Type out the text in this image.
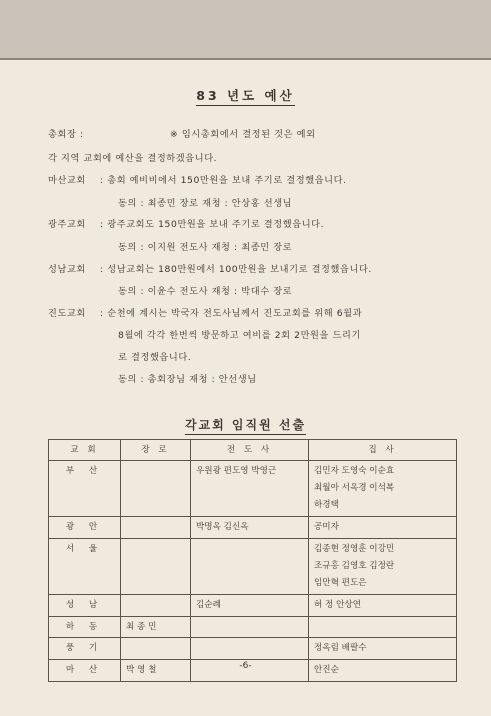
83 년도 예산
총회장 :	※ 임시총회에서 결정된 것은 예외
각 지역 교회에 예산을 결정하겠읍니다.
마산교회 : 총회 예비비에서 150만원을 보내 주기로 결정했읍니다.
동의 : 최종민 장로 재청 : 안상홍 선생님
광주교회 : 광주교회도 150만원을 보내 주기로 결정했읍니다.
동의 : 이지원 전도사 재청 : 최종민 장로
성남교회 : 성남교회는 180만원에서 100만원을 보내기로 결정했읍니다.
동의 : 이윤수 전도사 재청 : 박대수 장로
진도교회 : 순천에 계시는 박국자 전도사님께서 진도교회를 위해 6월과
8월에 각각 한번씩 방문하고 여비를 2회 2만원을 드리기
로 결정했읍니다.
동의 : 총회장님 재청 : 안선생님
각교회 임직원 선출
교 회	장 로	전 도 사	집 사
부 산		우원광 편도영 박영근	김민자 도영숙 이순효
최월아 서옥경 이석복
하경택

광 안		박명옥 김신옥	공미자

서 울			김종현 정영훈 이강민
조규홍 김영호 김정란
임만혁 편도은

성 남		김순례	허 정 안상연

하 동	최 종 민		
풍 기			정옥림 배팔수

마 산	박 영 철		안진순
-6-
